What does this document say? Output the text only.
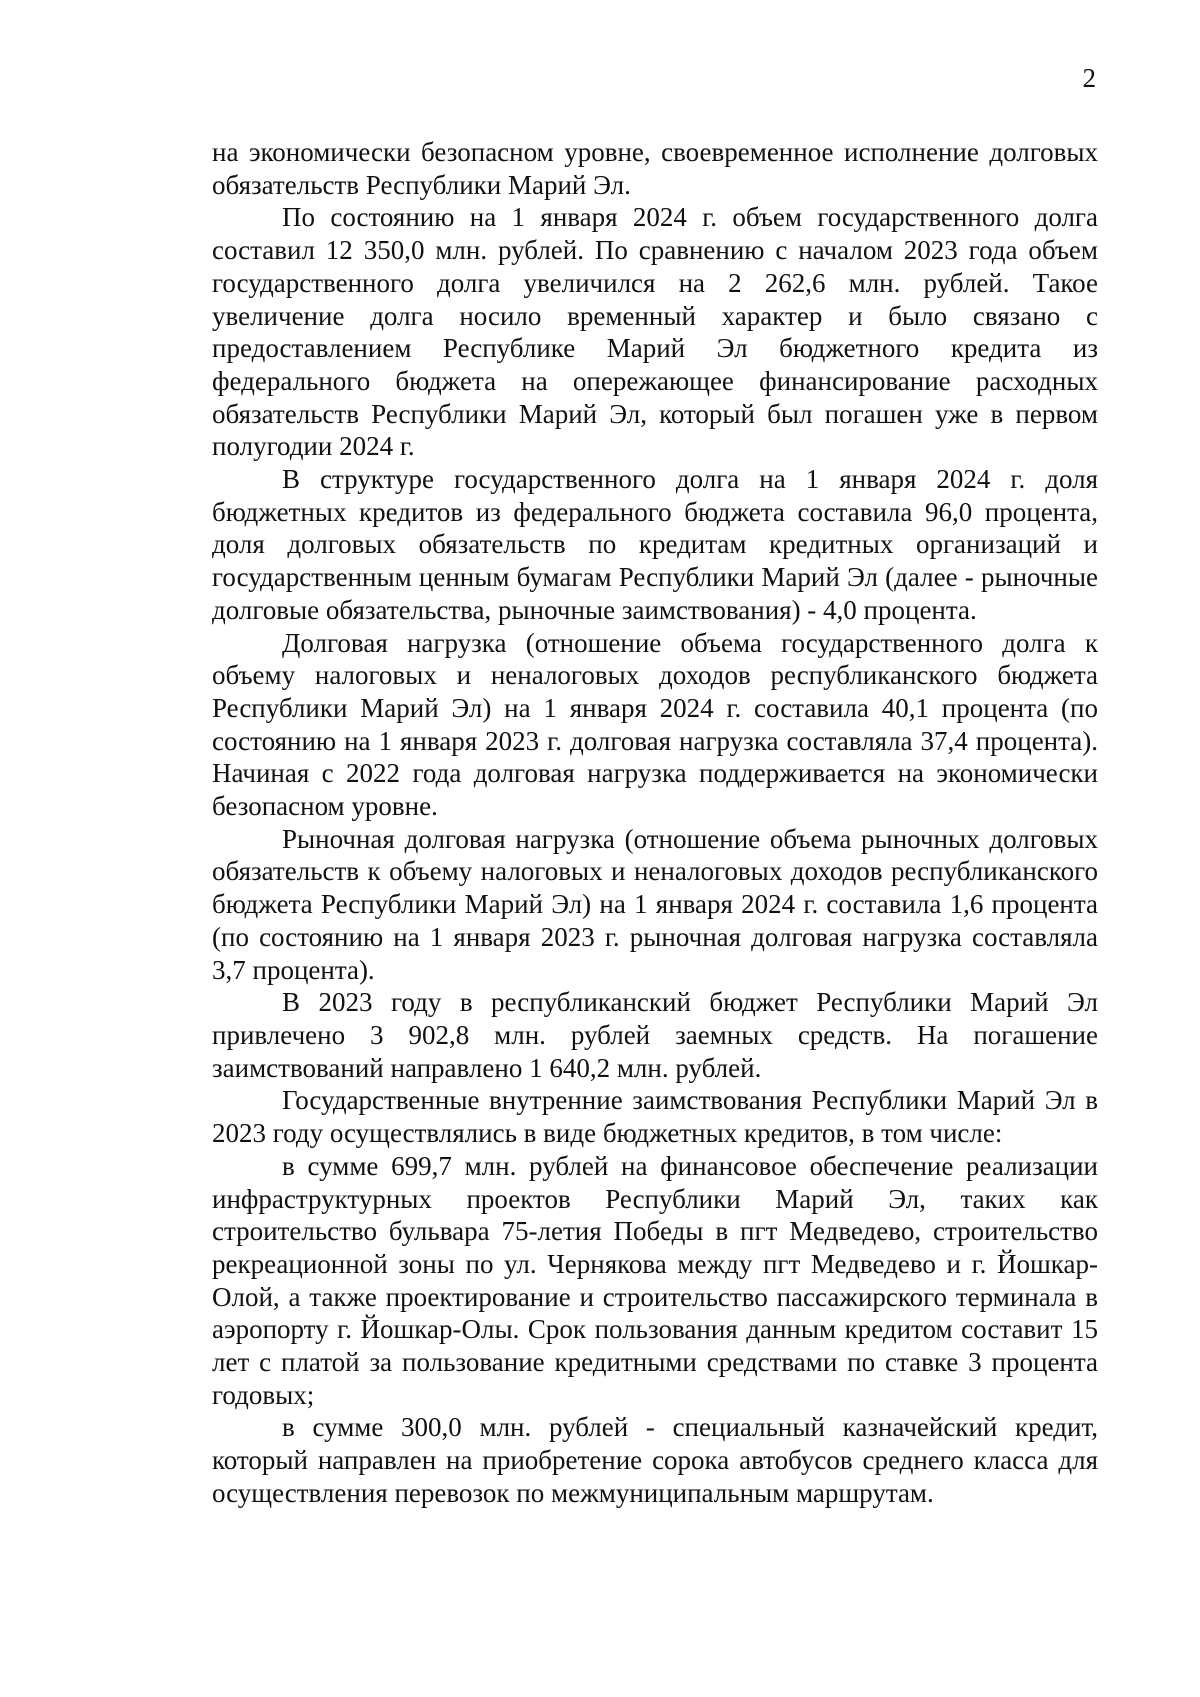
2

на экономически безопасном уровне, своевременное исполнение долговых обязательств Республики Марий Эл.

По состоянию на 1 января 2024 г. объем государственного долга составил 12 350,0 млн. рублей. По сравнению с началом 2023 года объем государственного долга увеличился на 2 262,6 млн. рублей. Такое увеличение долга носило временный характер и было связано с предоставлением Республике Марий Эл бюджетного кредита из федерального бюджета на опережающее финансирование расходных обязательств Республики Марий Эл, который был погашен уже в первом полугодии 2024 г.

В структуре государственного долга на 1 января 2024 г. доля бюджетных кредитов из федерального бюджета составила 96,0 процента, доля долговых обязательств по кредитам кредитных организаций и государственным ценным бумагам Республики Марий Эл (далее - рыночные долговые обязательства, рыночные заимствования) - 4,0 процента.

Долговая нагрузка (отношение объема государственного долга к объему налоговых и неналоговых доходов республиканского бюджета Республики Марий Эл) на 1 января 2024 г. составила 40,1 процента (по состоянию на 1 января 2023 г. долговая нагрузка составляла 37,4 процента). Начиная с 2022 года долговая нагрузка поддерживается на экономически безопасном уровне.

Рыночная долговая нагрузка (отношение объема рыночных долговых обязательств к объему налоговых и неналоговых доходов республиканского бюджета Республики Марий Эл) на 1 января 2024 г. составила 1,6 процента (по состоянию на 1 января 2023 г. рыночная долговая нагрузка составляла 3,7 процента).

В 2023 году в республиканский бюджет Республики Марий Эл привлечено 3 902,8 млн. рублей заемных средств. На погашение заимствований направлено 1 640,2 млн. рублей.

Государственные внутренние заимствования Республики Марий Эл в 2023 году осуществлялись в виде бюджетных кредитов, в том числе:

в сумме 699,7 млн. рублей на финансовое обеспечение реализации инфраструктурных проектов Республики Марий Эл, таких как строительство бульвара 75-летия Победы в пгт Медведево, строительство рекреационной зоны по ул. Чернякова между пгт Медведево и г. Йошкар-Олой, а также проектирование и строительство пассажирского терминала в аэропорту г. Йошкар-Олы. Срок пользования данным кредитом составит 15 лет с платой за пользование кредитными средствами по ставке 3 процента годовых;

в сумме 300,0 млн. рублей - специальный казначейский кредит, который направлен на приобретение сорока автобусов среднего класса для осуществления перевозок по межмуниципальным маршрутам.
